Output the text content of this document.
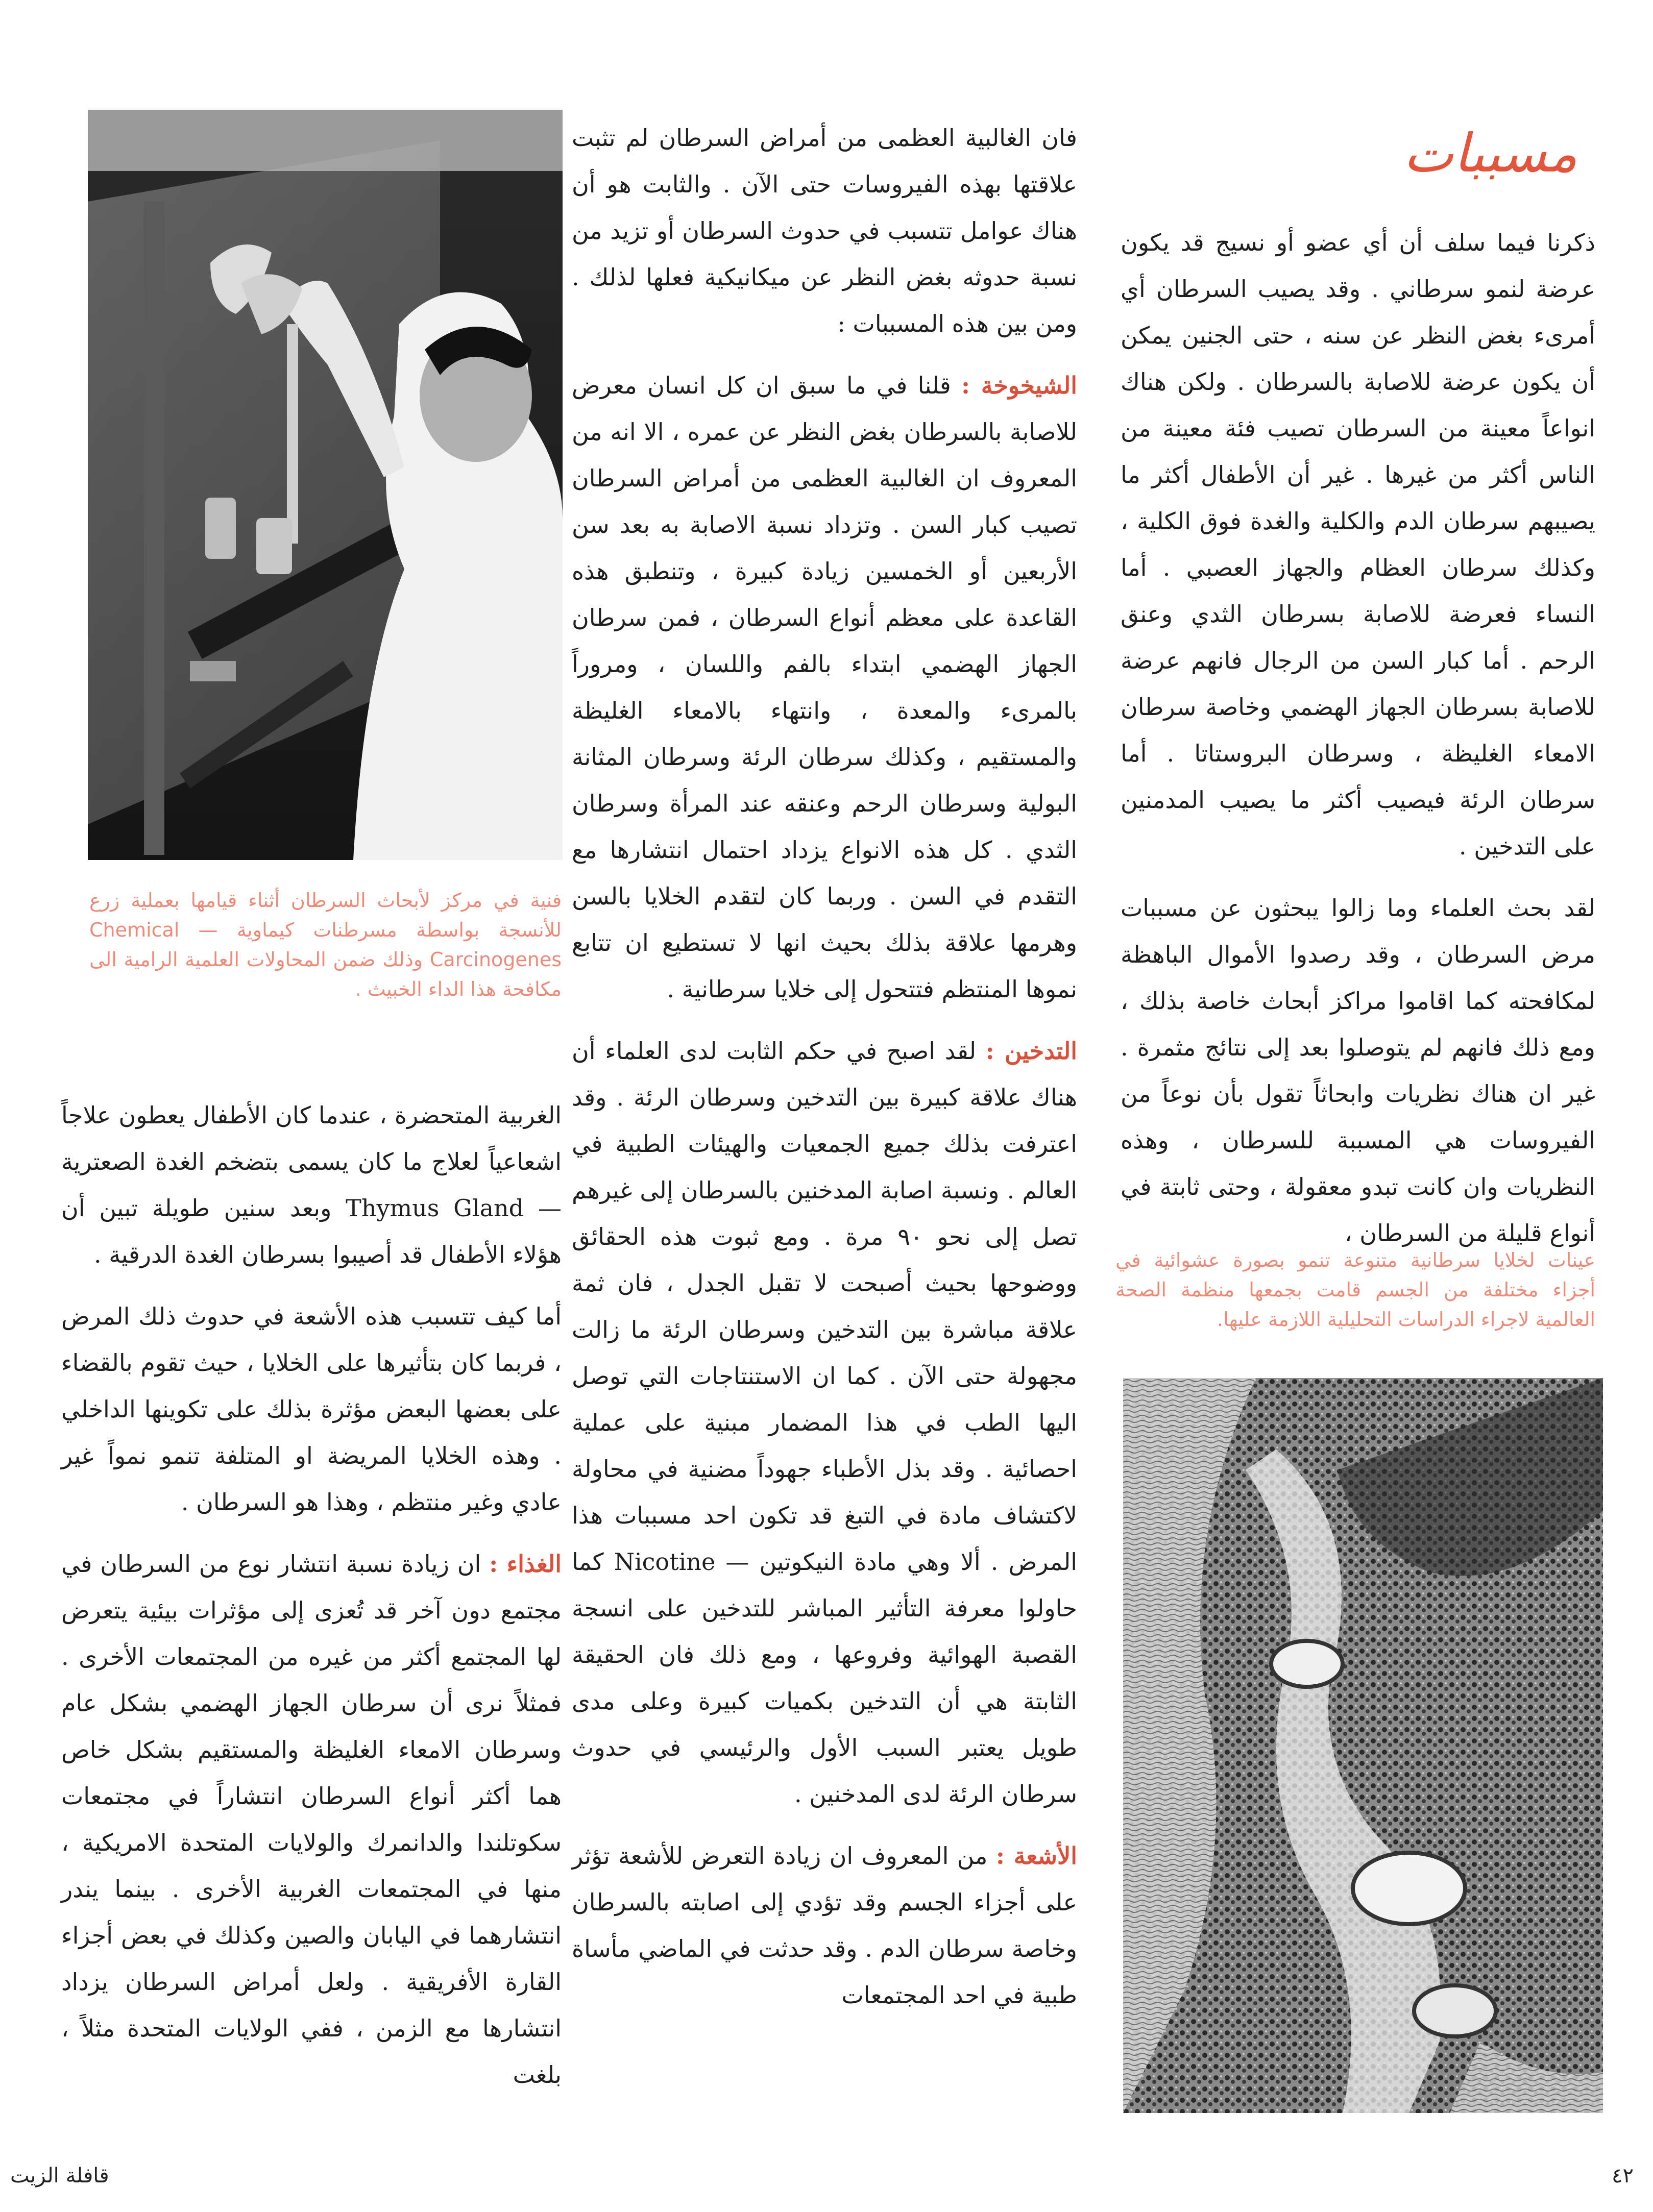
مسببات

ذكرنا فيما سلف أن أي عضو أو نسيج قد يكون عرضة لنمو سرطاني . وقد يصيب السرطان أي أمرىء بغض النظر عن سنه ، حتى الجنين يمكن أن يكون عرضة للاصابة بالسرطان . ولكن هناك انواعاً معينة من السرطان تصيب فئة معينة من الناس أكثر من غيرها . غير أن الأطفال أكثر ما يصيبهم سرطان الدم والكلية والغدة فوق الكلية ، وكذلك سرطان العظام والجهاز العصبي . أما النساء فعرضة للاصابة بسرطان الثدي وعنق الرحم . أما كبار السن من الرجال فانهم عرضة للاصابة بسرطان الجهاز الهضمي وخاصة سرطان الامعاء الغليظة ، وسرطان البروستاتا . أما سرطان الرئة فيصيب أكثر ما يصيب المدمنين على التدخين .

لقد بحث العلماء وما زالوا يبحثون عن مسببات مرض السرطان ، وقد رصدوا الأموال الباهظة لمكافحته كما اقاموا مراكز أبحاث خاصة بذلك ، ومع ذلك فانهم لم يتوصلوا بعد إلى نتائج مثمرة . غير ان هناك نظريات وابحاثاً تقول بأن نوعاً من الفيروسات هي المسببة للسرطان ، وهذه النظريات وان كانت تبدو معقولة ، وحتى ثابتة في أنواع قليلة من السرطان ،

عينات لخلايا سرطانية متنوعة تنمو بصورة عشوائية في أجزاء مختلفة من الجسم قامت بجمعها منظمة الصحة العالمية لاجراء الدراسات التحليلية اللازمة عليها.

فان الغالبية العظمى من أمراض السرطان لم تثبت علاقتها بهذه الفيروسات حتى الآن . والثابت هو أن هناك عوامل تتسبب في حدوث السرطان أو تزيد من نسبة حدوثه بغض النظر عن ميكانيكية فعلها لذلك . ومن بين هذه المسببات :

الشيخوخة : قلنا في ما سبق ان كل انسان معرض للاصابة بالسرطان بغض النظر عن عمره ، الا انه من المعروف ان الغالبية العظمى من أمراض السرطان تصيب كبار السن . وتزداد نسبة الاصابة به بعد سن الأربعين أو الخمسين زيادة كبيرة ، وتنطبق هذه القاعدة على معظم أنواع السرطان ، فمن سرطان الجهاز الهضمي ابتداء بالفم واللسان ، ومروراً بالمرىء والمعدة ، وانتهاء بالامعاء الغليظة والمستقيم ، وكذلك سرطان الرئة وسرطان المثانة البولية وسرطان الرحم وعنقه عند المرأة وسرطان الثدي . كل هذه الانواع يزداد احتمال انتشارها مع التقدم في السن . وربما كان لتقدم الخلايا بالسن وهرمها علاقة بذلك بحيث انها لا تستطيع ان تتابع نموها المنتظم فتتحول إلى خلايا سرطانية .

التدخين : لقد اصبح في حكم الثابت لدى العلماء أن هناك علاقة كبيرة بين التدخين وسرطان الرئة . وقد اعترفت بذلك جميع الجمعيات والهيئات الطبية في العالم . ونسبة اصابة المدخنين بالسرطان إلى غيرهم تصل إلى نحو ٩٠ مرة . ومع ثبوت هذه الحقائق ووضوحها بحيث أصبحت لا تقبل الجدل ، فان ثمة علاقة مباشرة بين التدخين وسرطان الرئة ما زالت مجهولة حتى الآن . كما ان الاستنتاجات التي توصل اليها الطب في هذا المضمار مبنية على عملية احصائية . وقد بذل الأطباء جهوداً مضنية في محاولة لاكتشاف مادة في التبغ قد تكون احد مسببات هذا المرض . ألا وهي مادة النيكوتين — Nicotine كما حاولوا معرفة التأثير المباشر للتدخين على انسجة القصبة الهوائية وفروعها ، ومع ذلك فان الحقيقة الثابتة هي أن التدخين بكميات كبيرة وعلى مدى طويل يعتبر السبب الأول والرئيسي في حدوث سرطان الرئة لدى المدخنين .

الأشعة : من المعروف ان زيادة التعرض للأشعة تؤثر على أجزاء الجسم وقد تؤدي إلى اصابته بالسرطان وخاصة سرطان الدم . وقد حدثت في الماضي مأساة طبية في احد المجتمعات

فنية في مركز لأبحاث السرطان أثناء قيامها بعملية زرع للأنسجة بواسطة مسرطنات كيماوية — Chemical Carcinogenes وذلك ضمن المحاولات العلمية الرامية الى مكافحة هذا الداء الخبيث .

الغربية المتحضرة ، عندما كان الأطفال يعطون علاجاً اشعاعياً لعلاج ما كان يسمى بتضخم الغدة الصعترية — Thymus Gland وبعد سنين طويلة تبين أن هؤلاء الأطفال قد أصيبوا بسرطان الغدة الدرقية .

أما كيف تتسبب هذه الأشعة في حدوث ذلك المرض ، فربما كان بتأثيرها على الخلايا ، حيث تقوم بالقضاء على بعضها البعض مؤثرة بذلك على تكوينها الداخلي . وهذه الخلايا المريضة او المتلفة تنمو نمواً غير عادي وغير منتظم ، وهذا هو السرطان .

الغذاء : ان زيادة نسبة انتشار نوع من السرطان في مجتمع دون آخر قد تُعزى إلى مؤثرات بيئية يتعرض لها المجتمع أكثر من غيره من المجتمعات الأخرى . فمثلاً نرى أن سرطان الجهاز الهضمي بشكل عام وسرطان الامعاء الغليظة والمستقيم بشكل خاص هما أكثر أنواع السرطان انتشاراً في مجتمعات سكوتلندا والدانمرك والولايات المتحدة الامريكية ، منها في المجتمعات الغربية الأخرى . بينما يندر انتشارهما في اليابان والصين وكذلك في بعض أجزاء القارة الأفريقية . ولعل أمراض السرطان يزداد انتشارها مع الزمن ، ففي الولايات المتحدة مثلاً ، بلغت

٤٢
قافلة الزيت
